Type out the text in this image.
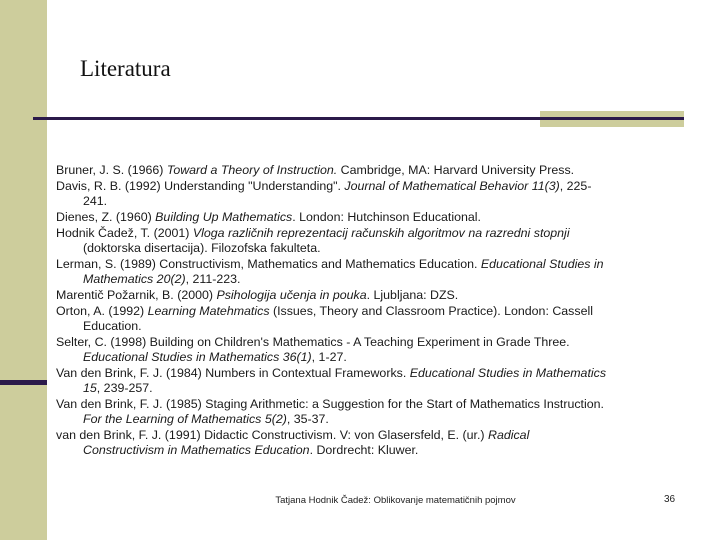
Literatura
Bruner, J. S. (1966) Toward a Theory of Instruction. Cambridge, MA: Harvard University Press.
Davis, R. B. (1992) Understanding "Understanding". Journal of Mathematical Behavior 11(3), 225-
241.
Dienes, Z. (1960) Building Up Mathematics. London: Hutchinson Educational.
Hodnik Čadež, T. (2001) Vloga različnih reprezentacij računskih algoritmov na razredni stopnji
(doktorska disertacija). Filozofska fakulteta.
Lerman, S. (1989) Constructivism, Mathematics and Mathematics Education. Educational Studies in
Mathematics 20(2), 211-223.
Marentič Požarnik, B. (2000) Psihologija učenja in pouka. Ljubljana: DZS.
Orton, A. (1992) Learning Matehmatics (Issues, Theory and Classroom Practice). London: Cassell
Education.
Selter, C. (1998) Building on Children's Mathematics - A Teaching Experiment in Grade Three.
Educational Studies in Mathematics 36(1), 1-27.
Van den Brink, F. J. (1984) Numbers in Contextual Frameworks. Educational Studies in Mathematics
15, 239-257.
Van den Brink, F. J. (1985) Staging Arithmetic: a Suggestion for the Start of Mathematics Instruction.
For the Learning of Mathematics 5(2), 35-37.
van den Brink, F. J. (1991) Didactic Constructivism. V: von Glasersfeld, E. (ur.) Radical
Constructivism in Mathematics Education. Dordrecht: Kluwer.
Tatjana Hodnik Čadež: Oblikovanje matematičnih pojmov	36
